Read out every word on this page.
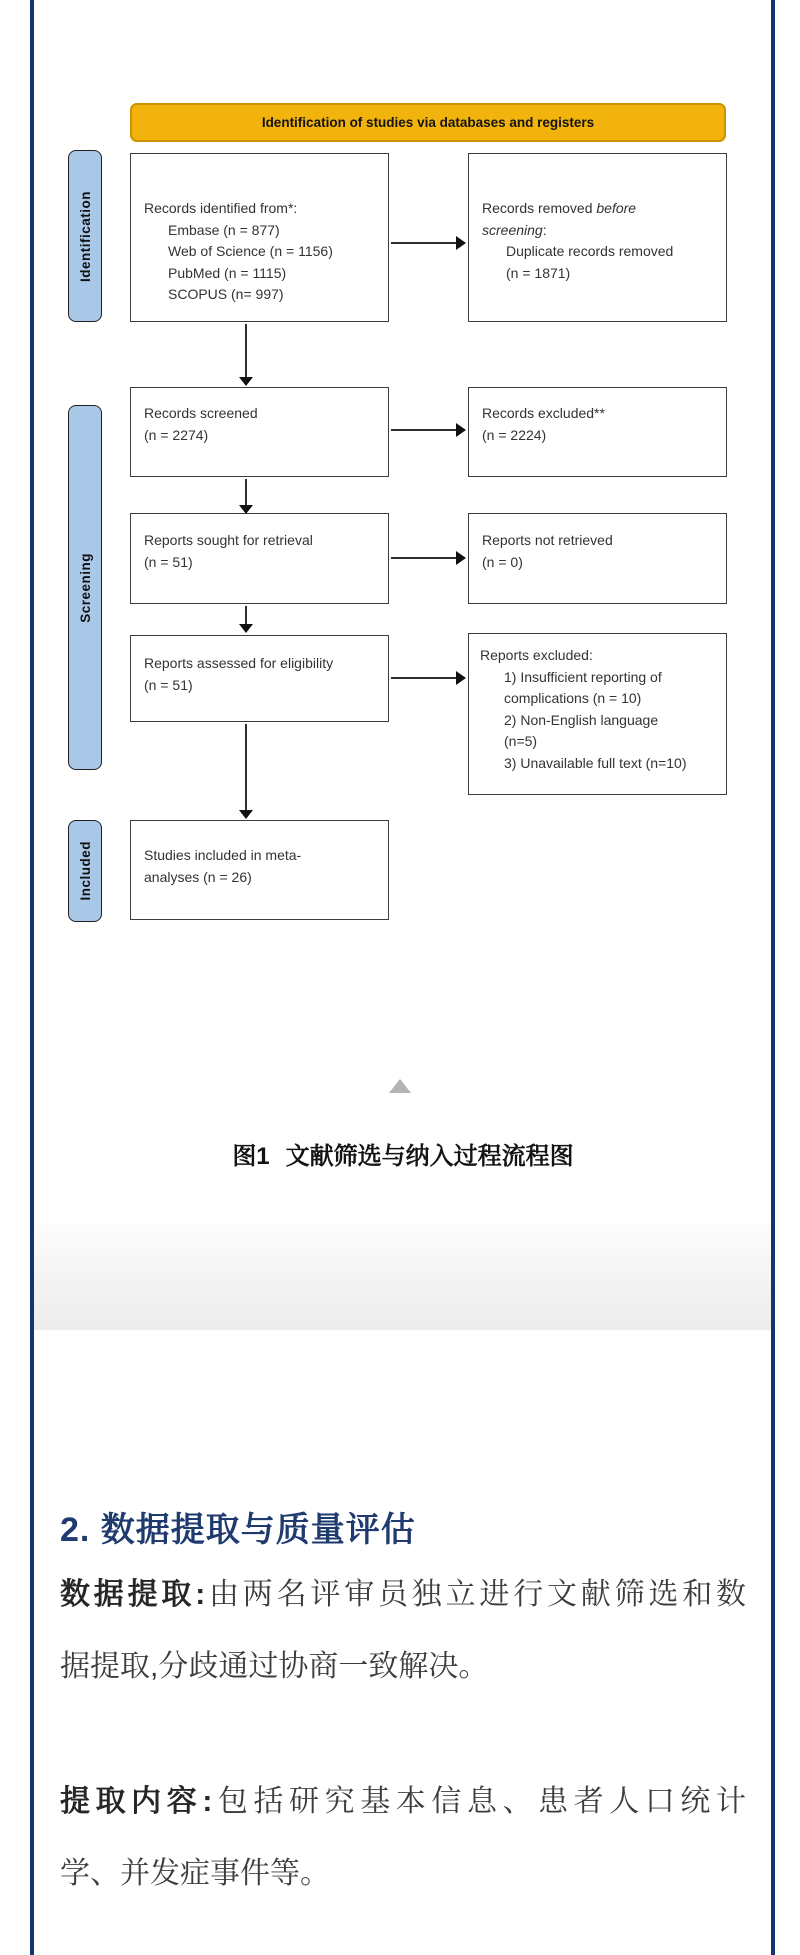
Identification of studies via databases and registers
Identification
Screening
Included
Records identified from*:
Embase (n = 877)
Web of Science (n = 1156)
PubMed (n = 1115)
SCOPUS (n= 997)
Records removed before
screening:
Duplicate records removed
(n = 1871)
Records screened
(n = 2274)
Records excluded**
(n = 2224)
Reports sought for retrieval
(n = 51)
Reports not retrieved
(n = 0)
Reports assessed for eligibility
(n = 51)
Reports excluded:
1) Insufficient reporting of
complications (n = 10)
2) Non-English language
(n=5)
3) Unavailable full text (n=10)
Studies included in meta-
analyses (n = 26)
图1 文献筛选与纳入过程流程图
2. 数据提取与质量评估
数据提取:由两名评审员独立进行文献筛选和数
据提取,分歧通过协商一致解决。
提取内容:包括研究基本信息、患者人口统计
学、并发症事件等。
